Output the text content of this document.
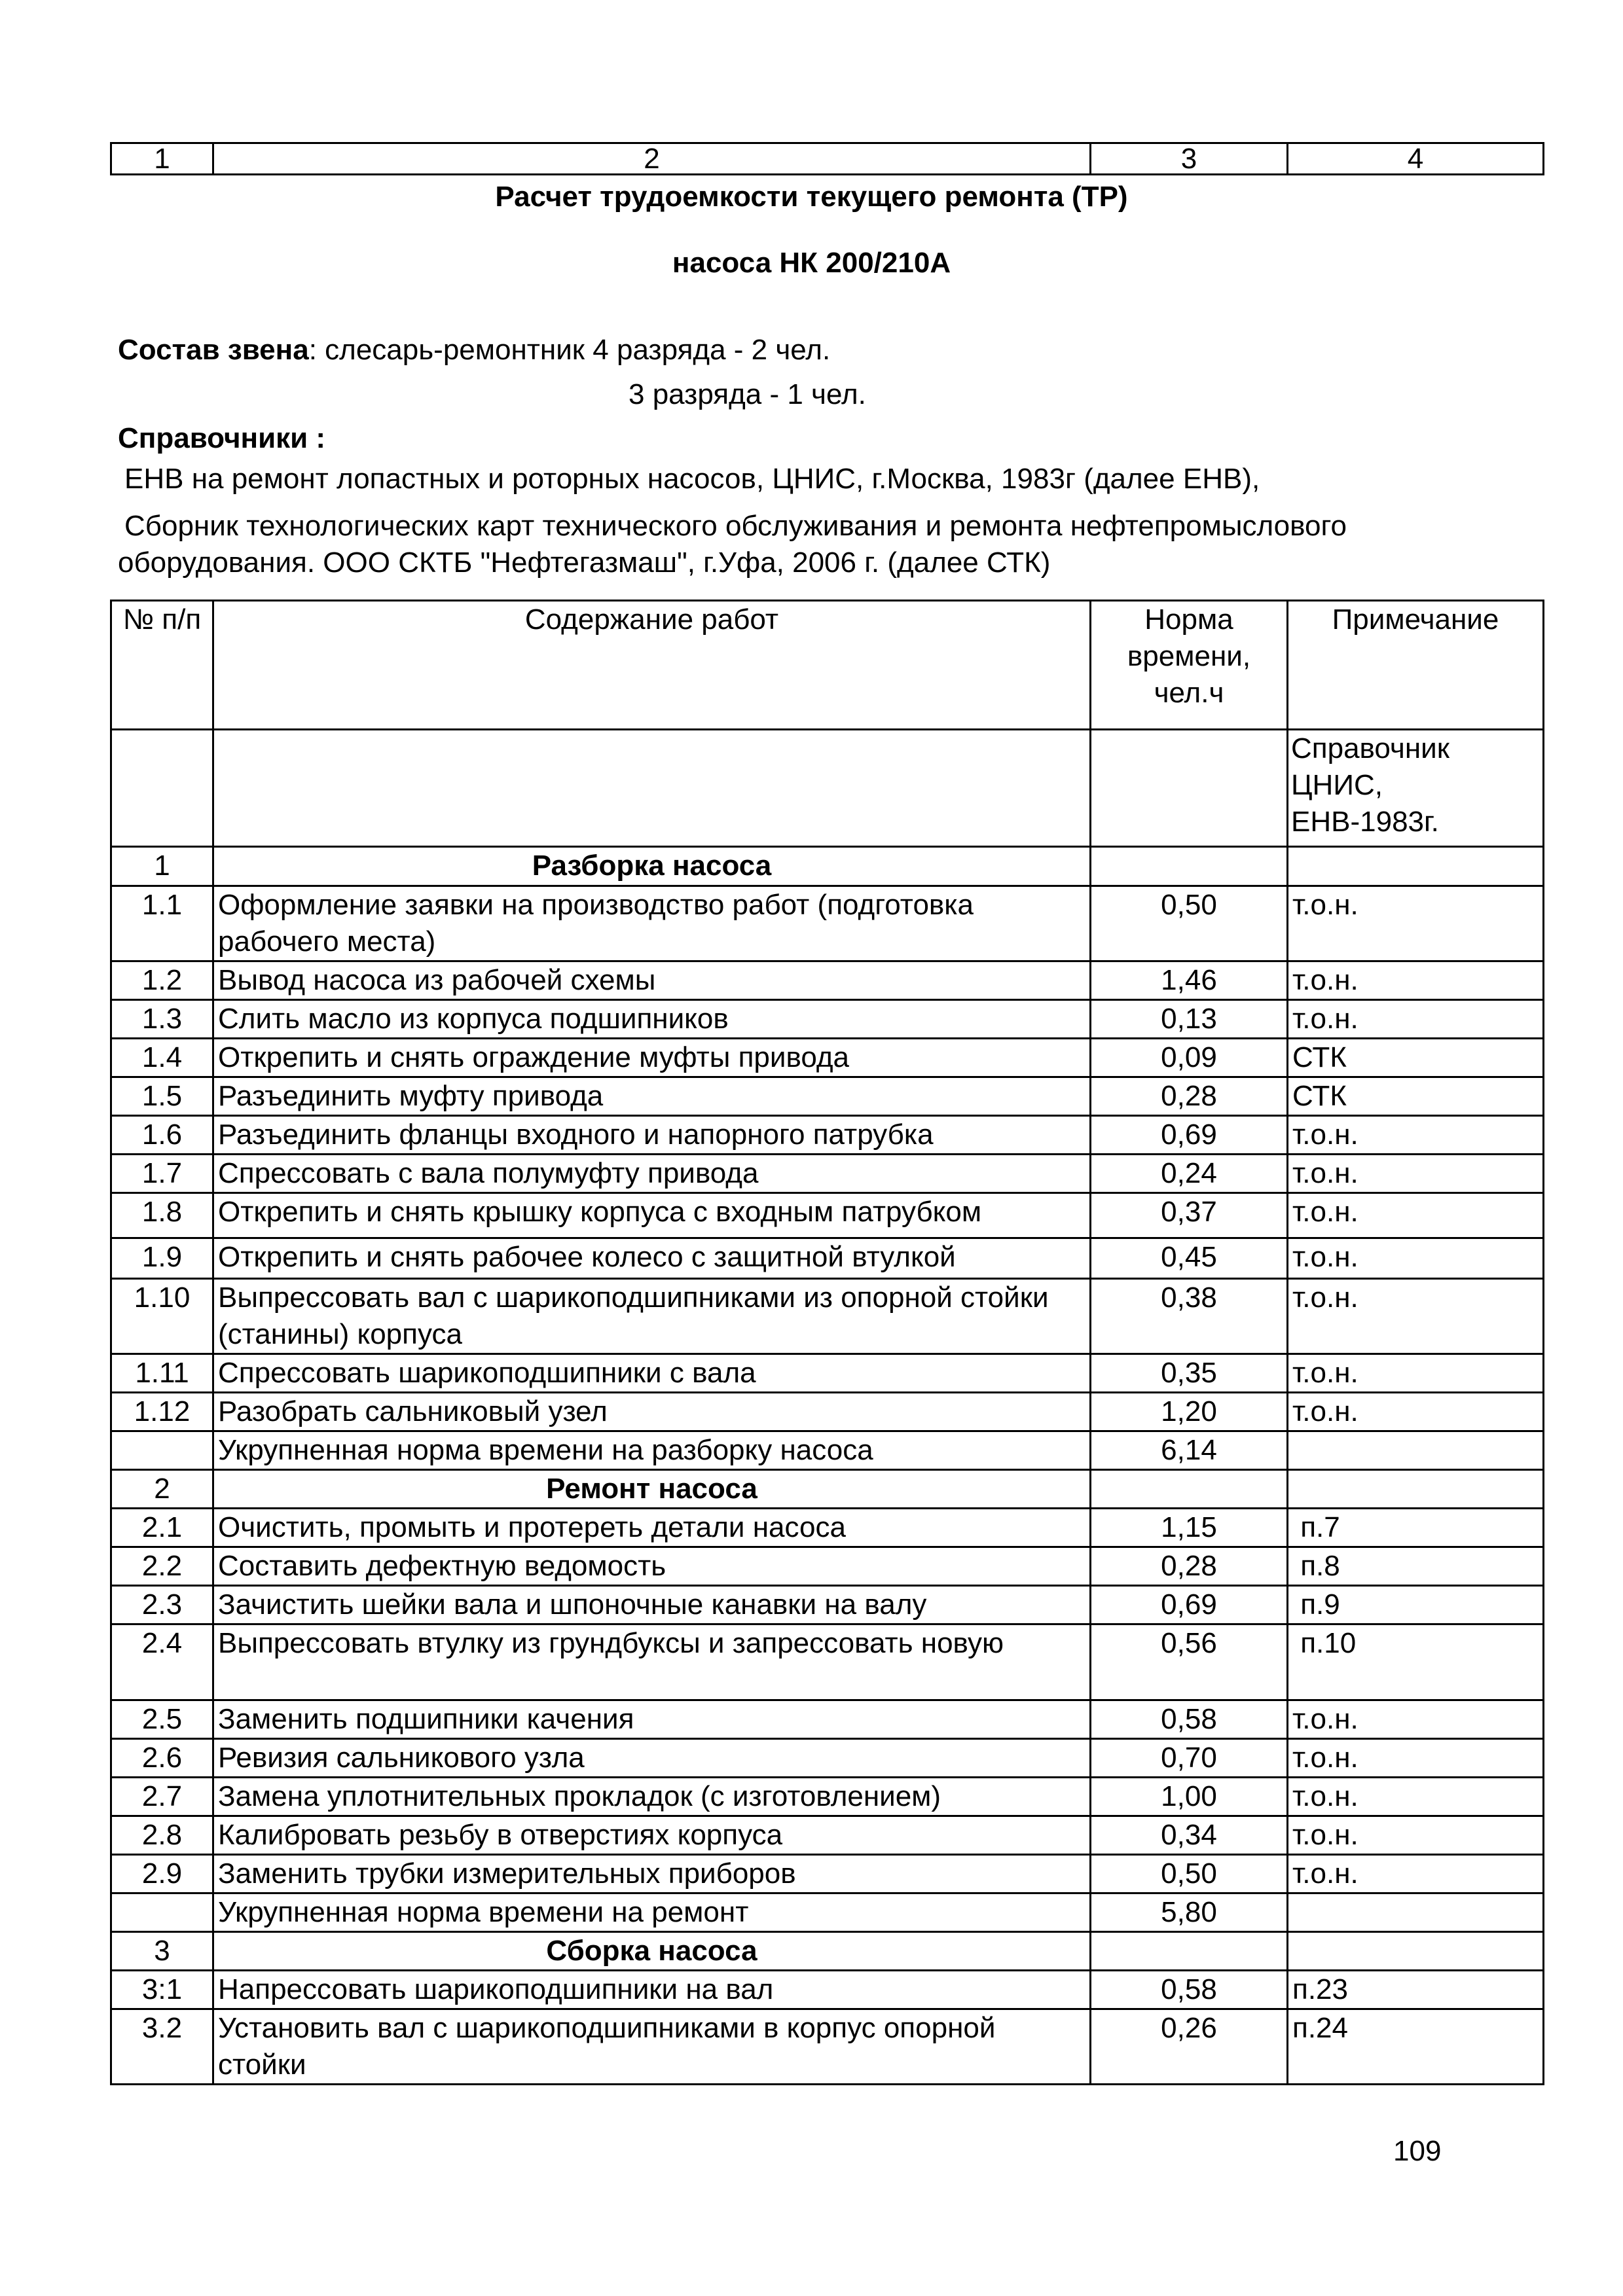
1	2	3	4
Расчет трудоемкости текущего ремонта (ТР)
насоса НК 200/210А
Состав звена: слесарь-ремонтник 4 разряда - 2 чел.
3 разряда - 1 чел.
Справочники :
ЕНВ на ремонт лопастных и роторных насосов, ЦНИС, г.Москва, 1983г (далее ЕНВ),
Сборник технологических карт технического обслуживания и ремонта нефтепромыслового
оборудования. ООО СКТБ "Нефтегазмаш", г.Уфа, 2006 г. (далее СТК)
№ п/п	Содержание работ	Норма времени, чел.ч	Примечание
			Справочник ЦНИС, ЕНВ-1983г.
1	Разборка насоса		
1.1	Оформление заявки на производство работ (подготовка рабочего места)	0,50	т.о.н.
1.2	Вывод насоса из рабочей схемы	1,46	т.о.н.
1.3	Слить масло из корпуса подшипников	0,13	т.о.н.
1.4	Открепить и снять ограждение муфты привода	0,09	СТК
1.5	Разъединить муфту привода	0,28	СТК
1.6	Разъединить фланцы входного и напорного патрубка	0,69	т.о.н.
1.7	Спрессовать с вала полумуфту привода	0,24	т.о.н.
1.8	Открепить и снять крышку корпуса с входным патрубком	0,37	т.о.н.
1.9	Открепить и снять рабочее колесо с защитной втулкой	0,45	т.о.н.
1.10	Выпрессовать вал с шарикоподшипниками из опорной стойки (станины) корпуса	0,38	т.о.н.
1.11	Спрессовать шарикоподшипники с вала	0,35	т.о.н.
1.12	Разобрать сальниковый узел	1,20	т.о.н.
	Укрупненная норма времени на разборку насоса	6,14	
2	Ремонт насоса		
2.1	Очистить, промыть и протереть детали насоса	1,15	п.7
2.2	Составить дефектную ведомость	0,28	п.8
2.3	Зачистить шейки вала и шпоночные канавки на валу	0,69	п.9
2.4	Выпрессовать втулку из грундбуксы и запрессовать новую	0,56	п.10
2.5	Заменить подшипники качения	0,58	т.о.н.
2.6	Ревизия сальникового узла	0,70	т.о.н.
2.7	Замена уплотнительных прокладок (с изготовлением)	1,00	т.о.н.
2.8	Калибровать резьбу в отверстиях корпуса	0,34	т.о.н.
2.9	Заменить трубки измерительных приборов	0,50	т.о.н.
	Укрупненная норма времени на ремонт	5,80	
3	Сборка насоса		
3:1	Напрессовать шарикоподшипники на вал	0,58	п.23
3.2	Установить вал с шарикоподшипниками в корпус опорной стойки	0,26	п.24
109
